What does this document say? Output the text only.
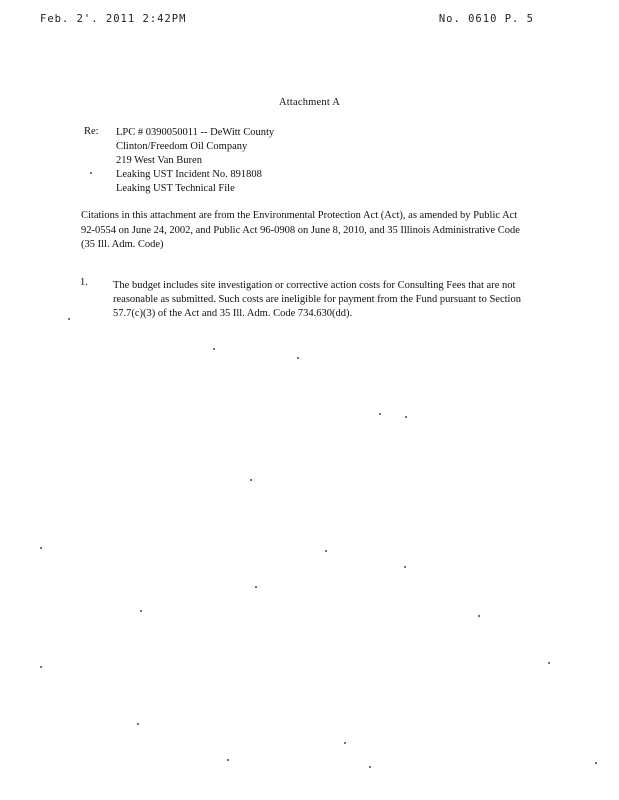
Feb. 2'. 2011 2:42PM	No. 0610 P. 5
Attachment A
Re: LPC # 0390050011 -- DeWitt County
Clinton/Freedom Oil Company
219 West Van Buren
Leaking UST Incident No. 891808
Leaking UST Technical File
Citations in this attachment are from the Environmental Protection Act (Act), as amended by Public Act 92-0554 on June 24, 2002, and Public Act 96-0908 on June 8, 2010, and 35 Illinois Administrative Code (35 Ill. Adm. Code)
1. The budget includes site investigation or corrective action costs for Consulting Fees that are not reasonable as submitted. Such costs are ineligible for payment from the Fund pursuant to Section 57.7(c)(3) of the Act and 35 Ill. Adm. Code 734.630(dd).
